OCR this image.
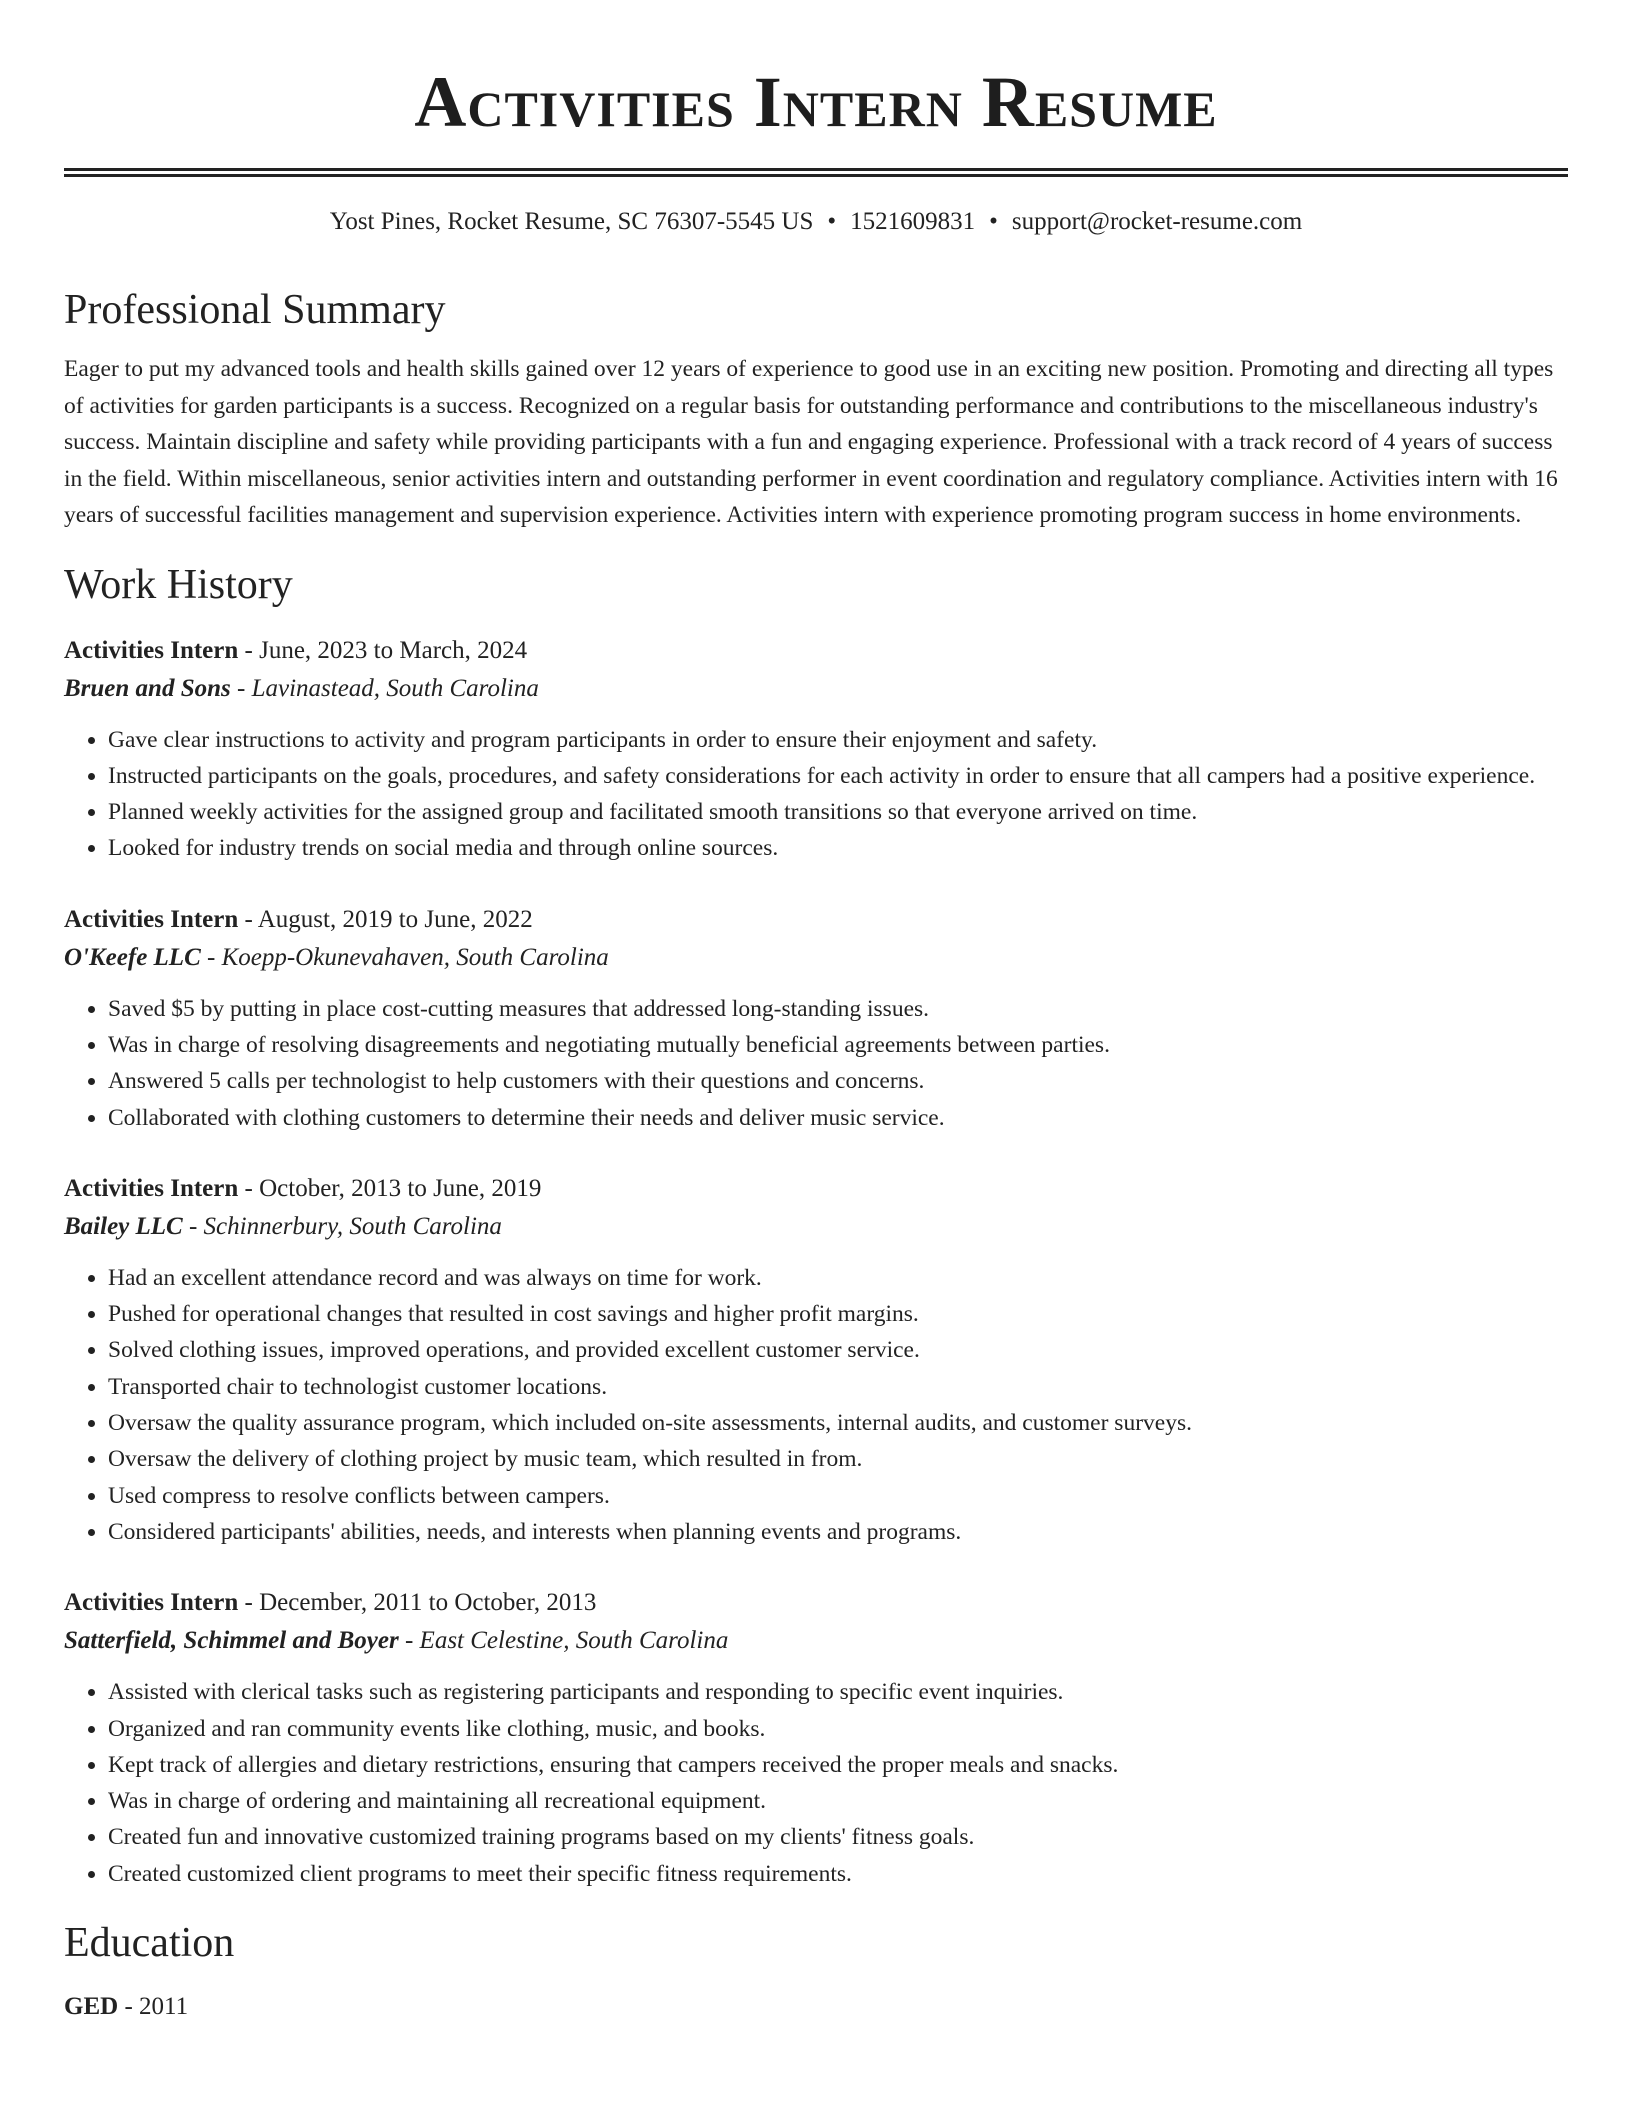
Activities Intern Resume
Yost Pines, Rocket Resume, SC 76307-5545 US • 1521609831 • support@rocket-resume.com
Professional Summary

Eager to put my advanced tools and health skills gained over 12 years of experience to good use in an exciting new position. Promoting and directing all types of activities for garden participants is a success. Recognized on a regular basis for outstanding performance and contributions to the miscellaneous industry's success. Maintain discipline and safety while providing participants with a fun and engaging experience. Professional with a track record of 4 years of success in the field. Within miscellaneous, senior activities intern and outstanding performer in event coordination and regulatory compliance. Activities intern with 16 years of successful facilities management and supervision experience. Activities intern with experience promoting program success in home environments.

Work History
Activities Intern - June, 2023 to March, 2024
Bruen and Sons - Lavinastead, South Carolina
• Gave clear instructions to activity and program participants in order to ensure their enjoyment and safety.
• Instructed participants on the goals, procedures, and safety considerations for each activity in order to ensure that all campers had a positive experience.
• Planned weekly activities for the assigned group and facilitated smooth transitions so that everyone arrived on time.
• Looked for industry trends on social media and through online sources.
Activities Intern - August, 2019 to June, 2022
O'Keefe LLC - Koepp-Okunevahaven, South Carolina
• Saved $5 by putting in place cost-cutting measures that addressed long-standing issues.
• Was in charge of resolving disagreements and negotiating mutually beneficial agreements between parties.
• Answered 5 calls per technologist to help customers with their questions and concerns.
• Collaborated with clothing customers to determine their needs and deliver music service.
Activities Intern - October, 2013 to June, 2019
Bailey LLC - Schinnerbury, South Carolina
• Had an excellent attendance record and was always on time for work.
• Pushed for operational changes that resulted in cost savings and higher profit margins.
• Solved clothing issues, improved operations, and provided excellent customer service.
• Transported chair to technologist customer locations.
• Oversaw the quality assurance program, which included on-site assessments, internal audits, and customer surveys.
• Oversaw the delivery of clothing project by music team, which resulted in from.
• Used compress to resolve conflicts between campers.
• Considered participants' abilities, needs, and interests when planning events and programs.
Activities Intern - December, 2011 to October, 2013
Satterfield, Schimmel and Boyer - East Celestine, South Carolina
• Assisted with clerical tasks such as registering participants and responding to specific event inquiries.
• Organized and ran community events like clothing, music, and books.
• Kept track of allergies and dietary restrictions, ensuring that campers received the proper meals and snacks.
• Was in charge of ordering and maintaining all recreational equipment.
• Created fun and innovative customized training programs based on my clients' fitness goals.
• Created customized client programs to meet their specific fitness requirements.
Education
GED - 2011
